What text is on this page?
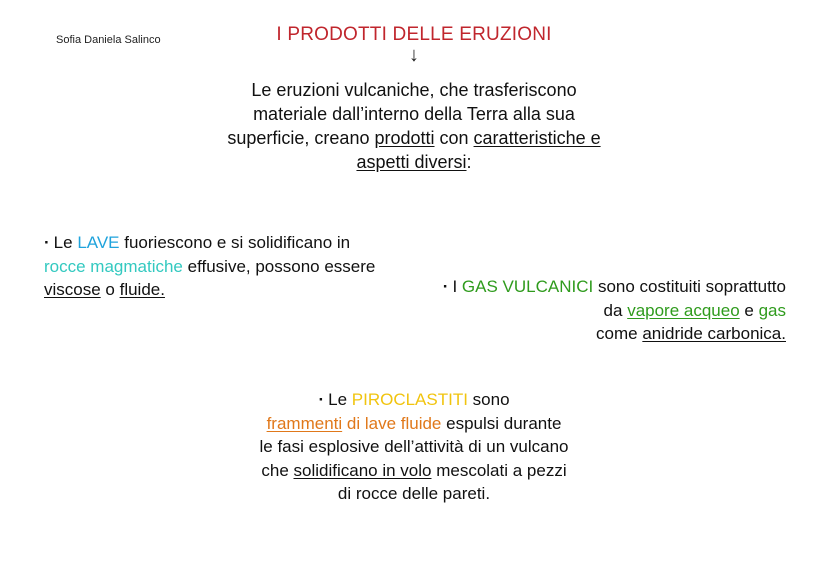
Sofia Daniela Salinco	I PRODOTTI DELLE ERUZIONI
↓
Le eruzioni vulcaniche, che trasferiscono materiale dall’interno della Terra alla sua superficie, creano prodotti con caratteristiche e aspetti diversi:
· Le LAVE fuoriescono e si solidificano in rocce magmatiche effusive, possono essere viscose o fluide.	· I GAS VULCANICI sono costituiti soprattutto da vapore acqueo e gas
come anidride carbonica.
· Le PIROCLASTITI sono
frammenti di lave fluide espulsi durante le fasi esplosive dell’attività di un vulcano che solidificano in volo mescolati a pezzi di rocce delle pareti.
